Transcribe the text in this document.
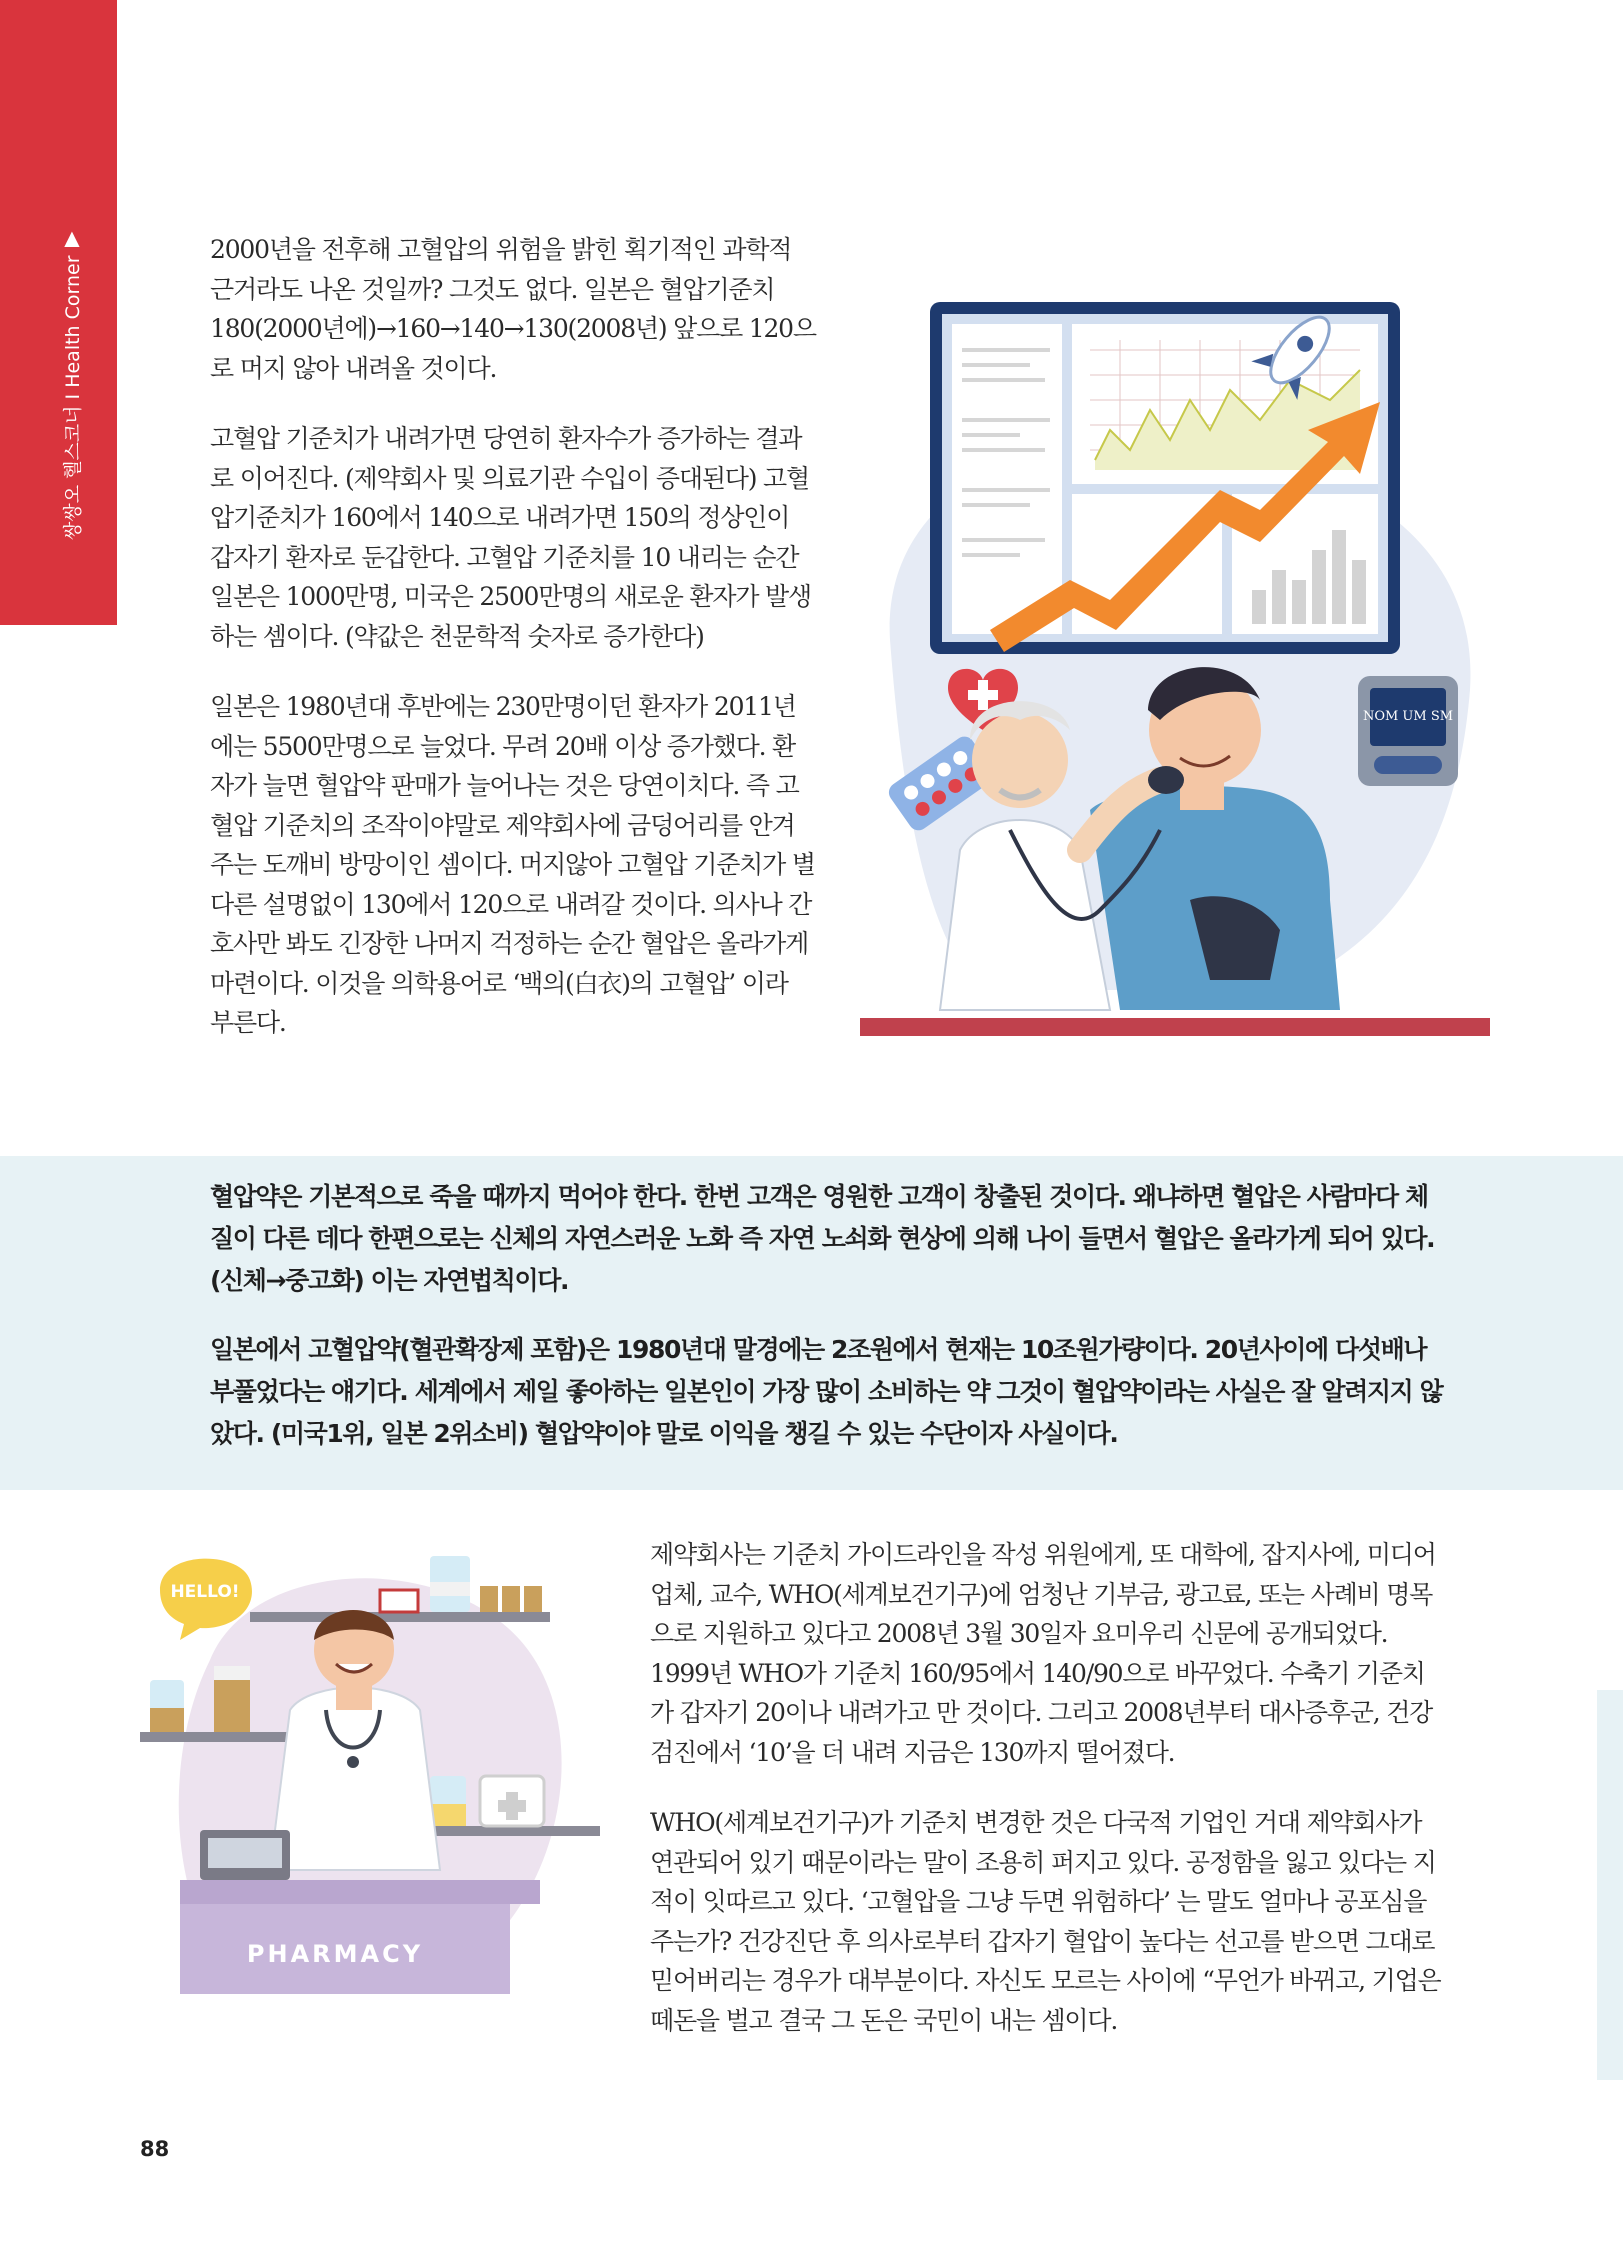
쌍쌍오 헬스코너 I Health Corner
▲	2000년을 전후해 고혈압의 위험을 밝힌 획기적인 과학적 근거라도 나온 것일까? 그것도 없다. 일본은 혈압기준치 180(2000년에)→160→140→130(2008년) 앞으로 120으로 머지 않아 내려올 것이다.

고혈압 기준치가 내려가면 당연히 환자수가 증가하는 결과로 이어진다. (제약회사 및 의료기관 수입이 증대된다) 고혈압기준치가 160에서 140으로 내려가면 150의 정상인이 갑자기 환자로 둔갑한다. 고혈압 기준치를 10 내리는 순간 일본은 1000만명, 미국은 2500만명의 새로운 환자가 발생하는 셈이다. (약값은 천문학적 숫자로 증가한다)

일본은 1980년대 후반에는 230만명이던 환자가 2011년에는 5500만명으로 늘었다. 무려 20배 이상 증가했다. 환자가 늘면 혈압약 판매가 늘어나는 것은 당연이치다. 즉 고혈압 기준치의 조작이야말로 제약회사에 금덩어리를 안겨주는 도깨비 방망이인 셈이다. 머지않아 고혈압 기준치가 별다른 설명없이 130에서 120으로 내려갈 것이다. 의사나 간호사만 봐도 긴장한 나머지 걱정하는 순간 혈압은 올라가게 마련이다. 이것을 의학용어로 ‘백의(白衣)의 고혈압’ 이라 부른다.

NOM UM SM

혈압약은 기본적으로 죽을 때까지 먹어야 한다. 한번 고객은 영원한 고객이 창출된 것이다. 왜냐하면 혈압은 사람마다 체질이 다른 데다 한편으로는 신체의 자연스러운 노화 즉 자연 노쇠화 현상에 의해 나이 들면서 혈압은 올라가게 되어 있다. (신체→중고화) 이는 자연법칙이다.

일본에서 고혈압약(혈관확장제 포함)은 1980년대 말경에는 2조원에서 현재는 10조원가량이다. 20년사이에 다섯배나 부풀었다는 얘기다. 세계에서 제일 좋아하는 일본인이 가장 많이 소비하는 약 그것이 혈압약이라는 사실은 잘 알려지지 않았다. (미국1위, 일본 2위소비) 혈압약이야 말로 이익을 챙길 수 있는 수단이자 사실이다.

HELLO!
PHARMACY

제약회사는 기준치 가이드라인을 작성 위원에게, 또 대학에, 잡지사에, 미디어 업체, 교수, WHO(세계보건기구)에 엄청난 기부금, 광고료, 또는 사례비 명목으로 지원하고 있다고 2008년 3월 30일자 요미우리 신문에 공개되었다. 1999년 WHO가 기준치 160/95에서 140/90으로 바꾸었다. 수축기 기준치가 갑자기 20이나 내려가고 만 것이다. 그리고 2008년부터 대사증후군, 건강검진에서 ‘10’을 더 내려 지금은 130까지 떨어졌다.

WHO(세계보건기구)가 기준치 변경한 것은 다국적 기업인 거대 제약회사가 연관되어 있기 때문이라는 말이 조용히 퍼지고 있다. 공정함을 잃고 있다는 지적이 잇따르고 있다. ‘고혈압을 그냥 두면 위험하다’ 는 말도 얼마나 공포심을 주는가? 건강진단 후 의사로부터 갑자기 혈압이 높다는 선고를 받으면 그대로 믿어버리는 경우가 대부분이다. 자신도 모르는 사이에 “무언가 바뀌고, 기업은 떼돈을 벌고 결국 그 돈은 국민이 내는 셈이다.

88
